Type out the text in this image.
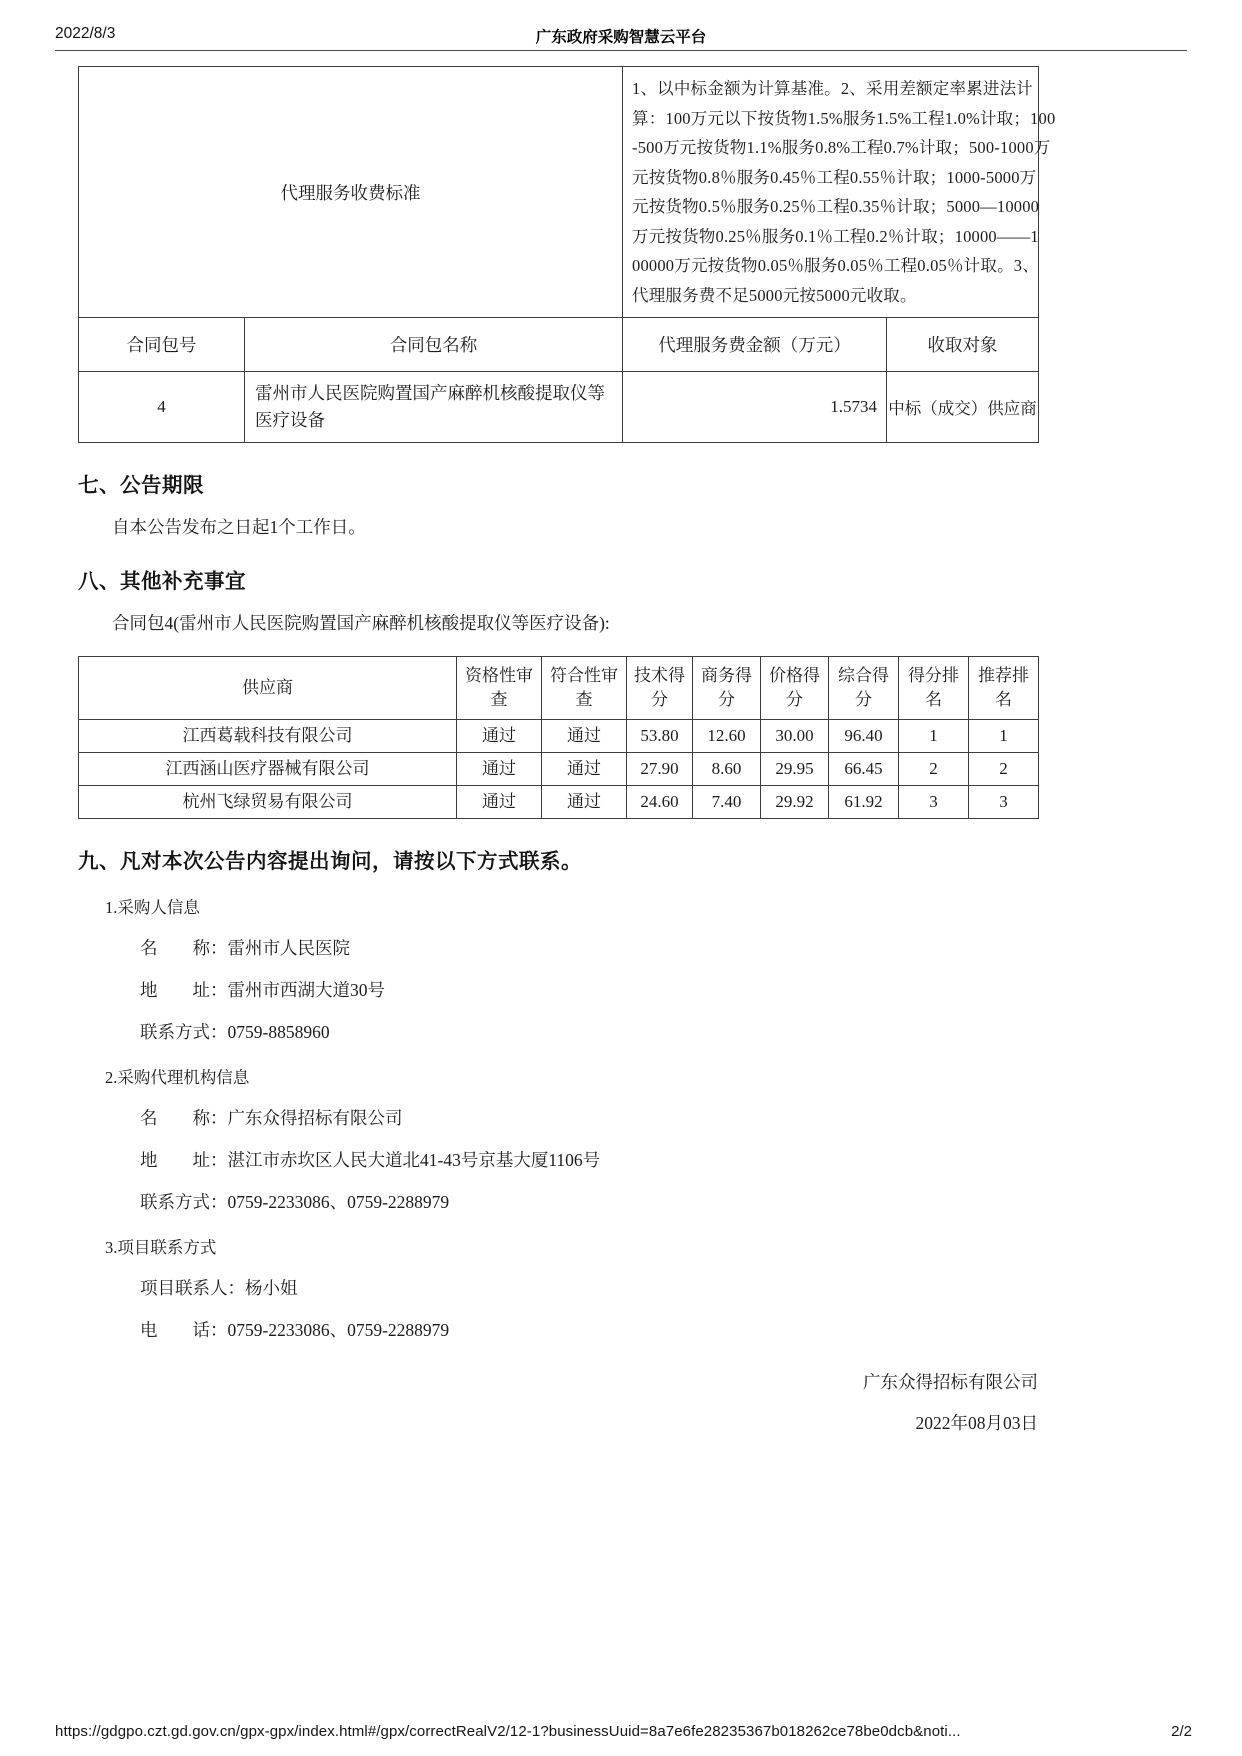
2022/8/3	广东政府采购智慧云平台
代理服务收费标准	
1、以中标金额为计算基准。2、采用差额定率累进法计
算：100万元以下按货物1.5%服务1.5%工程1.0%计取；100
-500万元按货物1.1%服务0.8%工程0.7%计取；500-1000万
元按货物0.8％服务0.45％工程0.55％计取；1000-5000万
元按货物0.5％服务0.25％工程0.35％计取；5000—10000
万元按货物0.25％服务0.1％工程0.2％计取；10000——1
00000万元按货物0.05％服务0.05％工程0.05％计取。3、
代理服务费不足5000元按5000元收取。

合同包号	合同包名称	代理服务费金额（万元）	收取对象
4	雷州市人民医院购置国产麻醉机核酸提取仪等医疗设备	1.5734	中标（成交）供应商
七、公告期限
自本公告发布之日起1个工作日。
八、其他补充事宜
合同包4(雷州市人民医院购置国产麻醉机核酸提取仪等医疗设备):
供应商	资格性审查	符合性审查	技术得分	商务得分	价格得分	综合得分	得分排名	推荐排名
江西葛载科技有限公司	通过	通过	53.80	12.60	30.00	96.40	1	1
江西涵山医疗器械有限公司	通过	通过	27.90	8.60	29.95	66.45	2	2
杭州飞绿贸易有限公司	通过	通过	24.60	7.40	29.92	61.92	3	3
九、凡对本次公告内容提出询问，请按以下方式联系。
1.采购人信息
名　　称：雷州市人民医院
地　　址：雷州市西湖大道30号
联系方式：0759-8858960
2.采购代理机构信息
名　　称：广东众得招标有限公司
地　　址：湛江市赤坎区人民大道北41-43号京基大厦1106号
联系方式：0759-2233086、0759-2288979
3.项目联系方式
项目联系人：杨小姐
电　　话：0759-2233086、0759-2288979
广东众得招标有限公司
2022年08月03日
https://gdgpo.czt.gd.gov.cn/gpx-gpx/index.html#/gpx/correctRealV2/12-1?businessUuid=8a7e6fe28235367b018262ce78be0dcb&noti...	2/2
